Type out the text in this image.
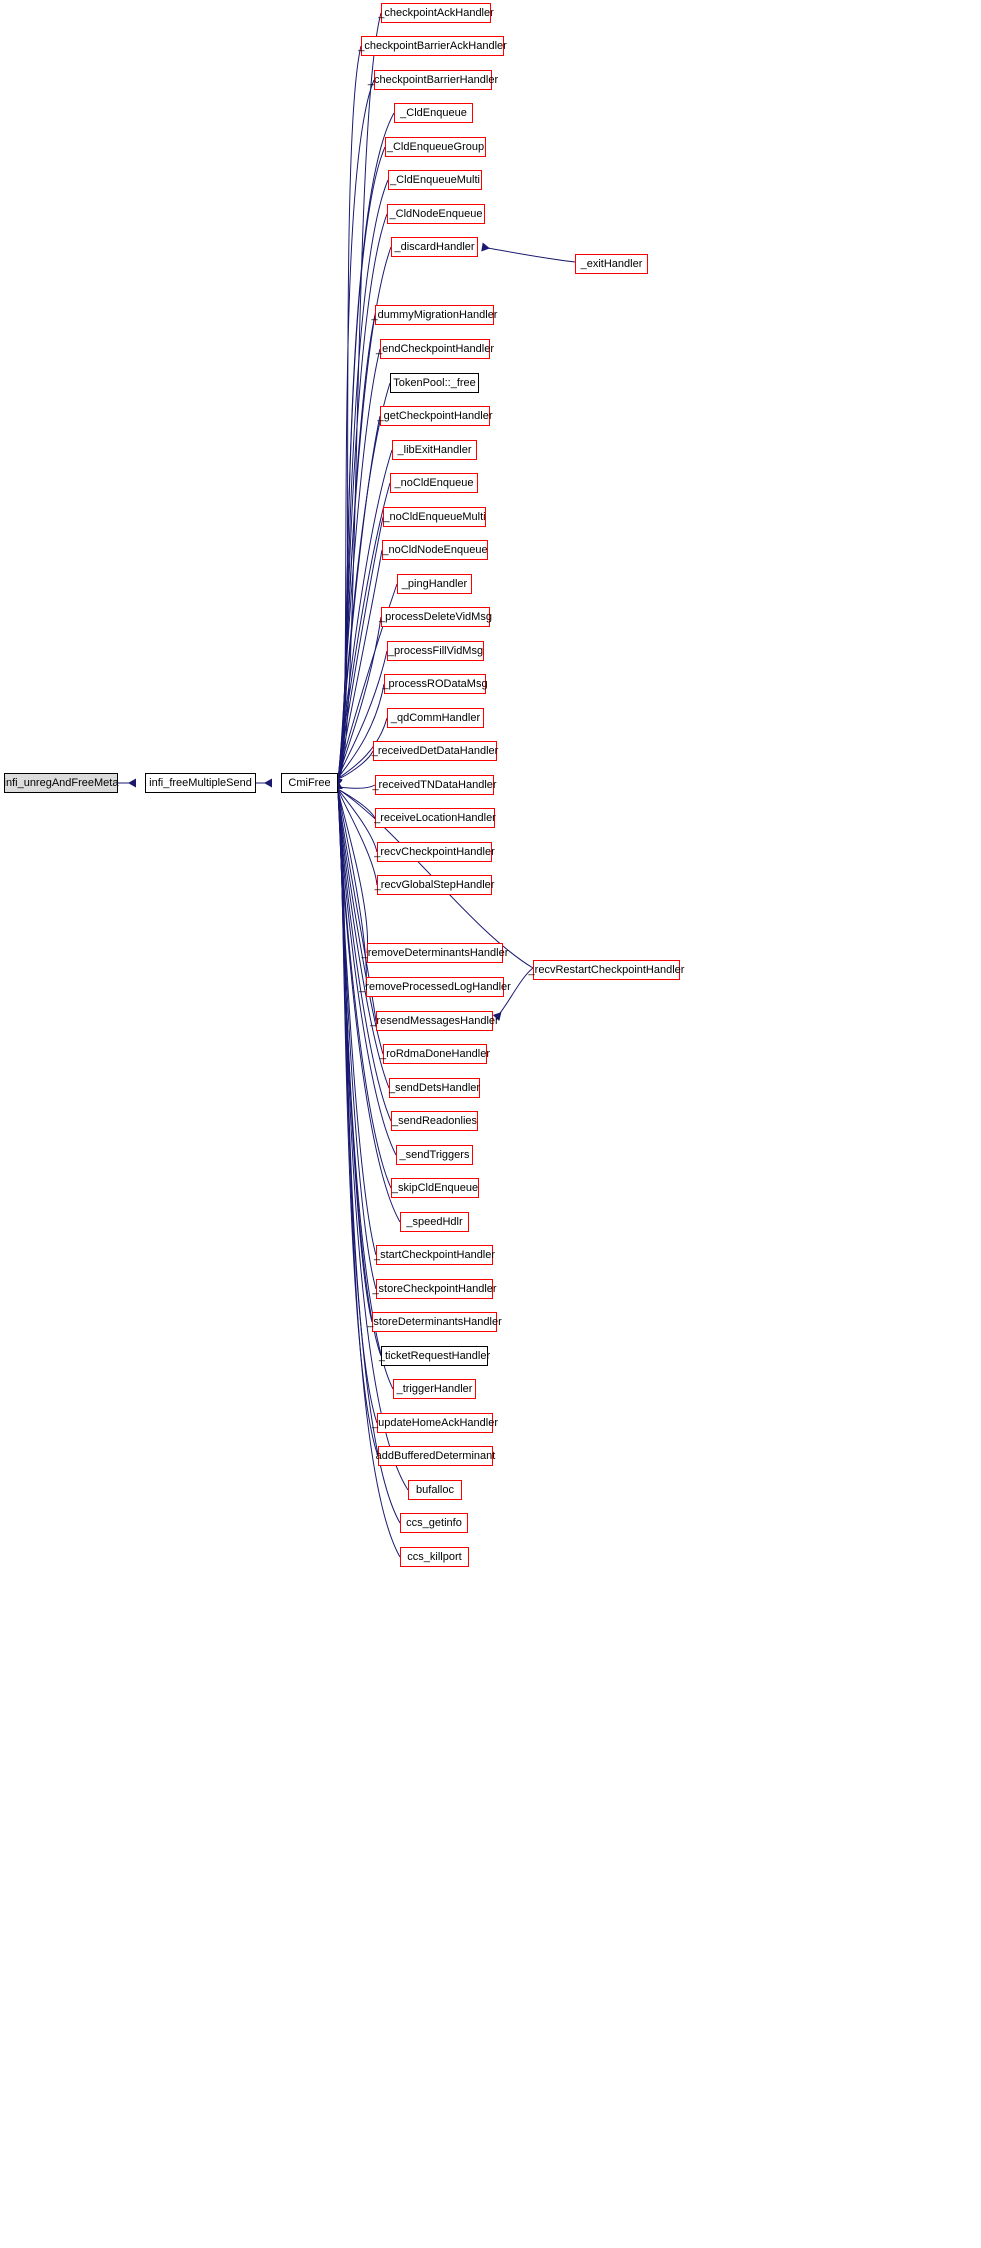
infi_unregAndFreeMeta	infi_freeMultipleSend	CmiFree
_checkpointAckHandler
_checkpointBarrierAckHandler
_checkpointBarrierHandler
_CldEnqueue
_CldEnqueueGroup
_CldEnqueueMulti
_CldNodeEnqueue
_discardHandler
_exitHandler
_dummyMigrationHandler
_endCheckpointHandler
TokenPool::_free
_getCheckpointHandler
_libExitHandler
_noCldEnqueue
_noCldEnqueueMulti
_noCldNodeEnqueue
_pingHandler
_processDeleteVidMsg
_processFillVidMsg
_processRODataMsg
_qdCommHandler
_receivedDetDataHandler
_receivedTNDataHandler
_receiveLocationHandler
_recvCheckpointHandler
_recvGlobalStepHandler
_removeDeterminantsHandler
_recvRestartCheckpointHandler
_removeProcessedLogHandler
_resendMessagesHandler
_roRdmaDoneHandler
_sendDetsHandler
_sendReadonlies
_sendTriggers
_skipCldEnqueue
_speedHdlr
_startCheckpointHandler
_storeCheckpointHandler
_storeDeterminantsHandler
_ticketRequestHandler
_triggerHandler
_updateHomeAckHandler
addBufferedDeterminant
bufalloc
ccs_getinfo
ccs_killport
